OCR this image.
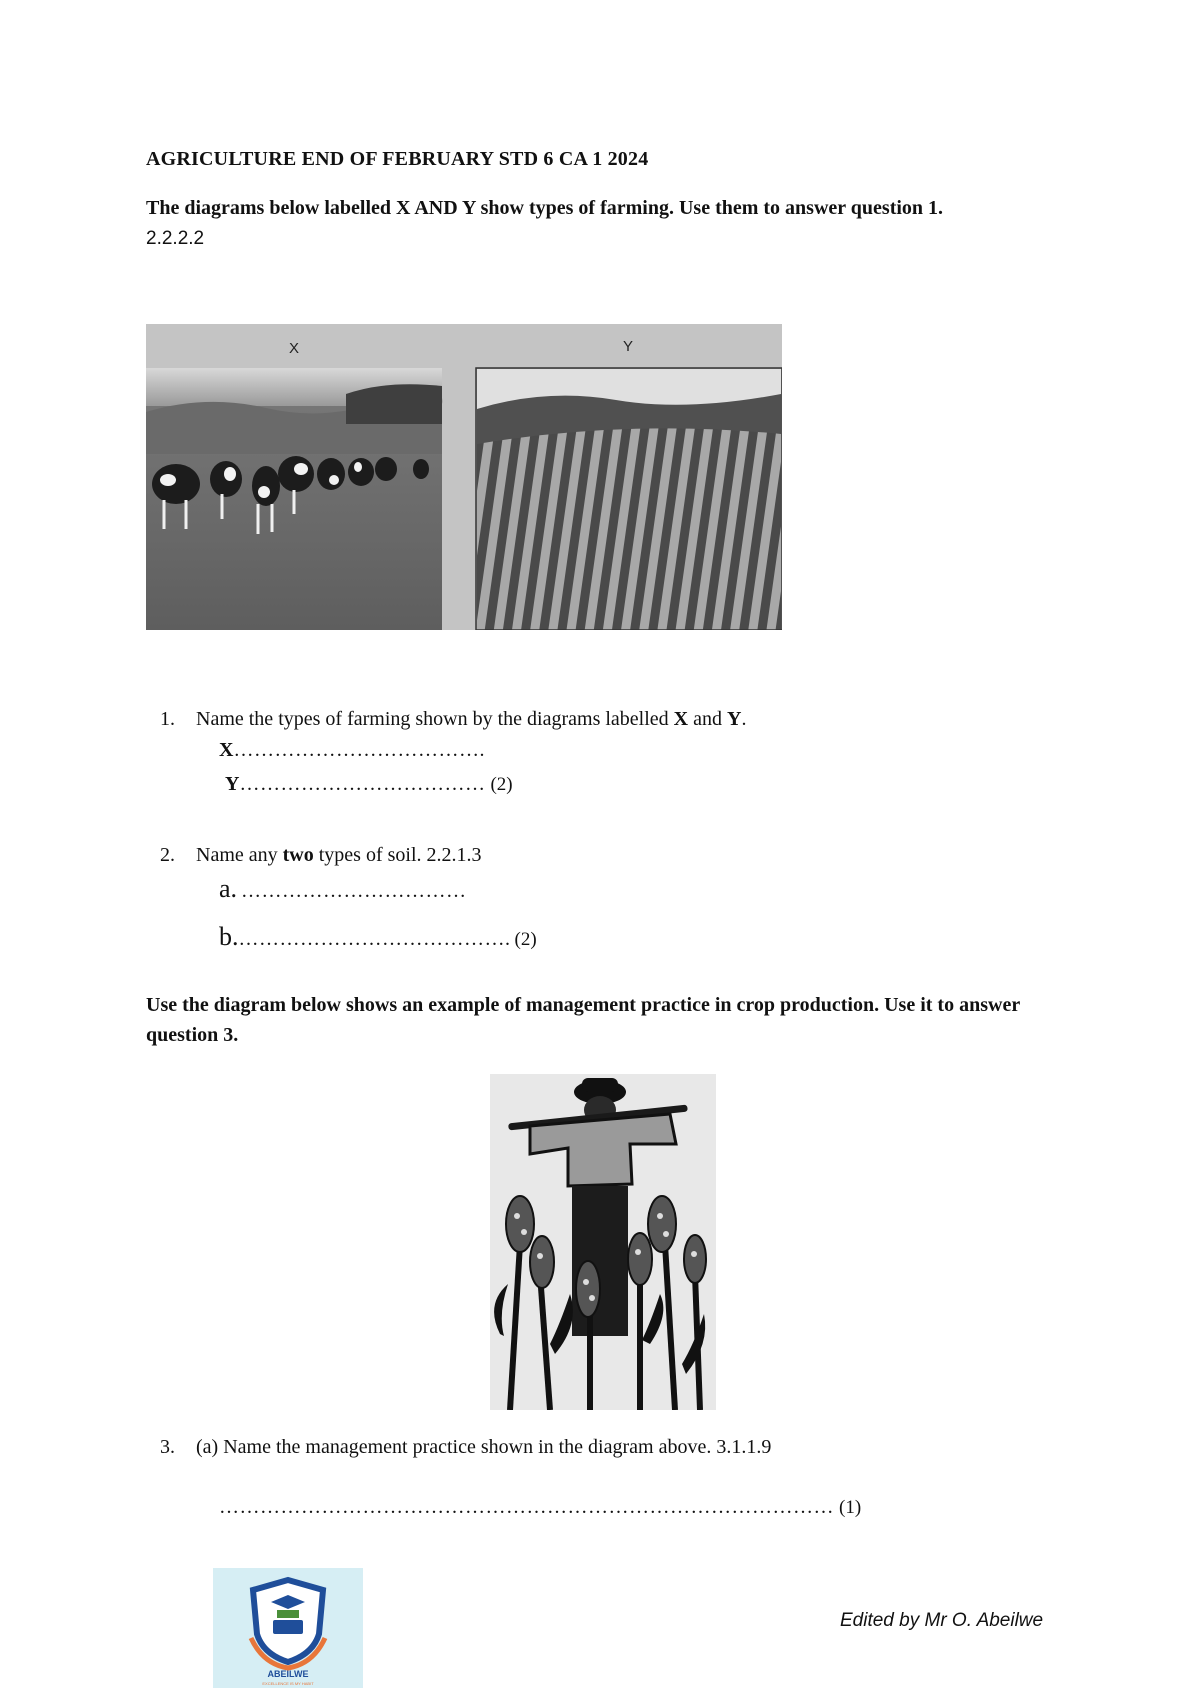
AGRICULTURE END OF FEBRUARY STD 6 CA 1 2024
The diagrams below labelled X AND Y show types of farming. Use them to answer question 1.
2.2.2.2
X	Y
1. Name the types of farming shown by the diagrams labelled X and Y.
X……………………………….
Y……………………………… (2)
2. Name any two types of soil. 2.2.1.3
a. ……………………………
b.…………………………………. (2)
Use the diagram below shows an example of management practice in crop production. Use it to answer question 3.
3. (a) Name the management practice shown in the diagram above. 3.1.1.9
……………………………………………………………………………… (1)
ABEILWE
EXCELLENCE IS MY HABIT
Edited by Mr O. Abeilwe
